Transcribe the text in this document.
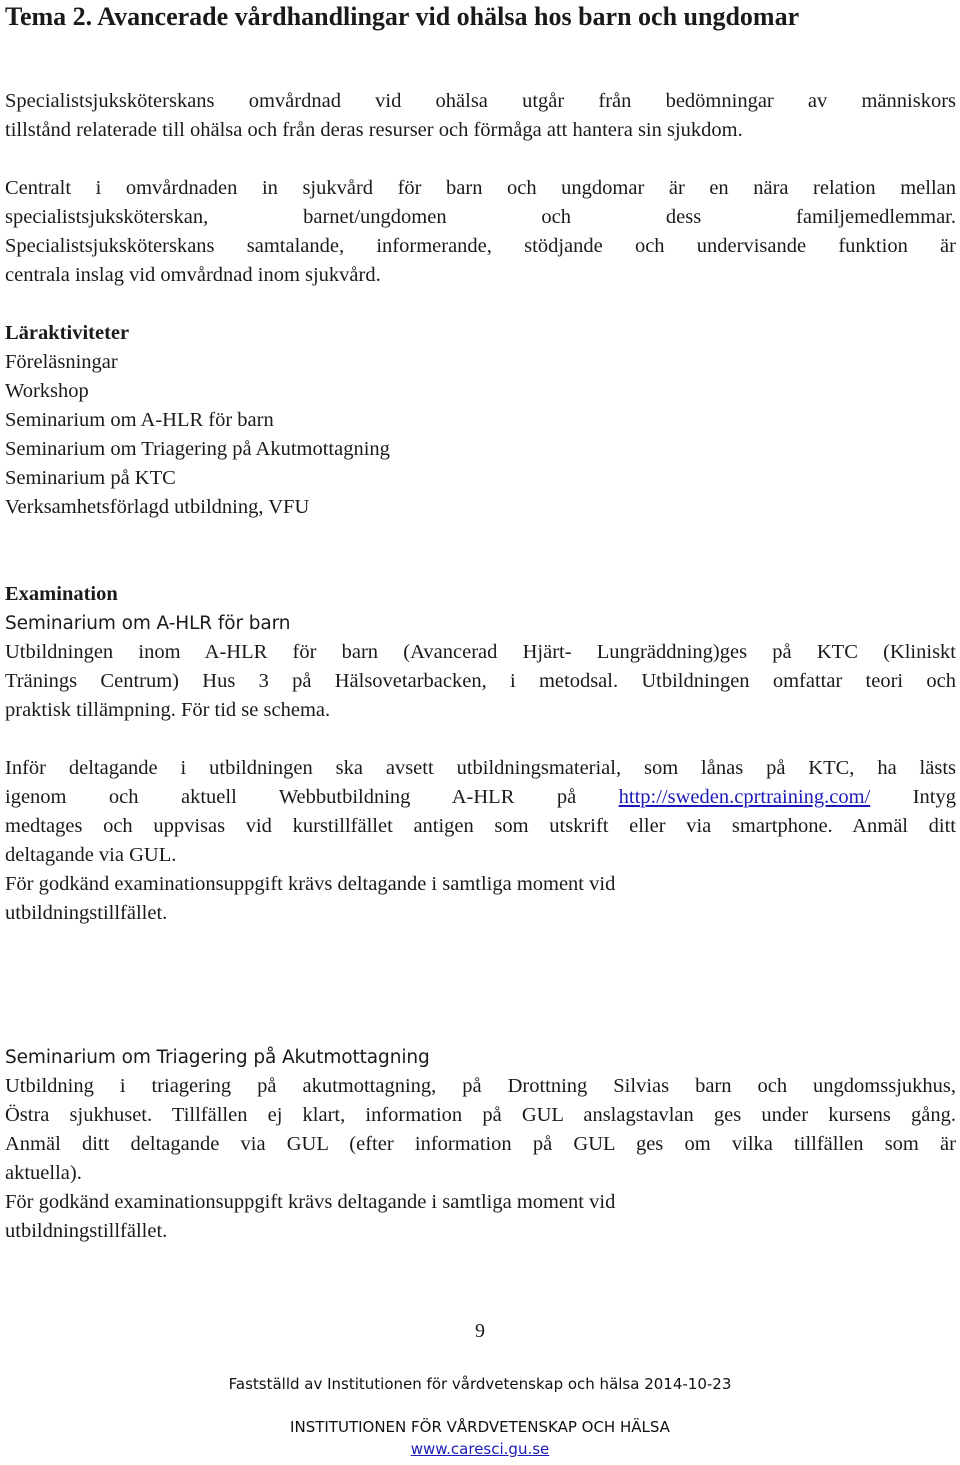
Tema 2. Avancerade vårdhandlingar vid ohälsa hos barn och ungdomar
Specialistsjuksköterskans omvårdnad vid ohälsa utgår från bedömningar av människors
tillstånd relaterade till ohälsa och från deras resurser och förmåga att hantera sin sjukdom.
Centralt i omvårdnaden in sjukvård för barn och ungdomar är en nära relation mellan
specialistsjuksköterskan, barnet/ungdomen och dess familjemedlemmar.
Specialistsjuksköterskans samtalande, informerande, stödjande och undervisande funktion är
centrala inslag vid omvårdnad inom sjukvård.
Läraktiviteter
Föreläsningar
Workshop
Seminarium om A-HLR för barn
Seminarium om Triagering på Akutmottagning
Seminarium på KTC
Verksamhetsförlagd utbildning, VFU
Examination
Seminarium om A-HLR för barn
Utbildningen inom A-HLR för barn (Avancerad Hjärt- Lungräddning)ges på KTC (Kliniskt
Tränings Centrum) Hus 3 på Hälsovetarbacken, i metodsal. Utbildningen omfattar teori och
praktisk tillämpning. För tid se schema.
Inför deltagande i utbildningen ska avsett utbildningsmaterial, som lånas på KTC, ha lästs
igenom och aktuell Webbutbildning A-HLR på http://sweden.cprtraining.com/ Intyg
medtages och uppvisas vid kurstillfället antigen som utskrift eller via smartphone. Anmäl ditt
deltagande via GUL.
För godkänd examinationsuppgift krävs deltagande i samtliga moment vid
utbildningstillfället.
Seminarium om Triagering på Akutmottagning
Utbildning i triagering på akutmottagning, på Drottning Silvias barn och ungdomssjukhus,
Östra sjukhuset. Tillfällen ej klart, information på GUL anslagstavlan ges under kursens gång.
Anmäl ditt deltagande via GUL (efter information på GUL ges om vilka tillfällen som är
aktuella).
För godkänd examinationsuppgift krävs deltagande i samtliga moment vid
utbildningstillfället.
9
Fastställd av Institutionen för vårdvetenskap och hälsa 2014-10-23
INSTITUTIONEN FÖR VÅRDVETENSKAP OCH HÄLSA
www.caresci.gu.se
